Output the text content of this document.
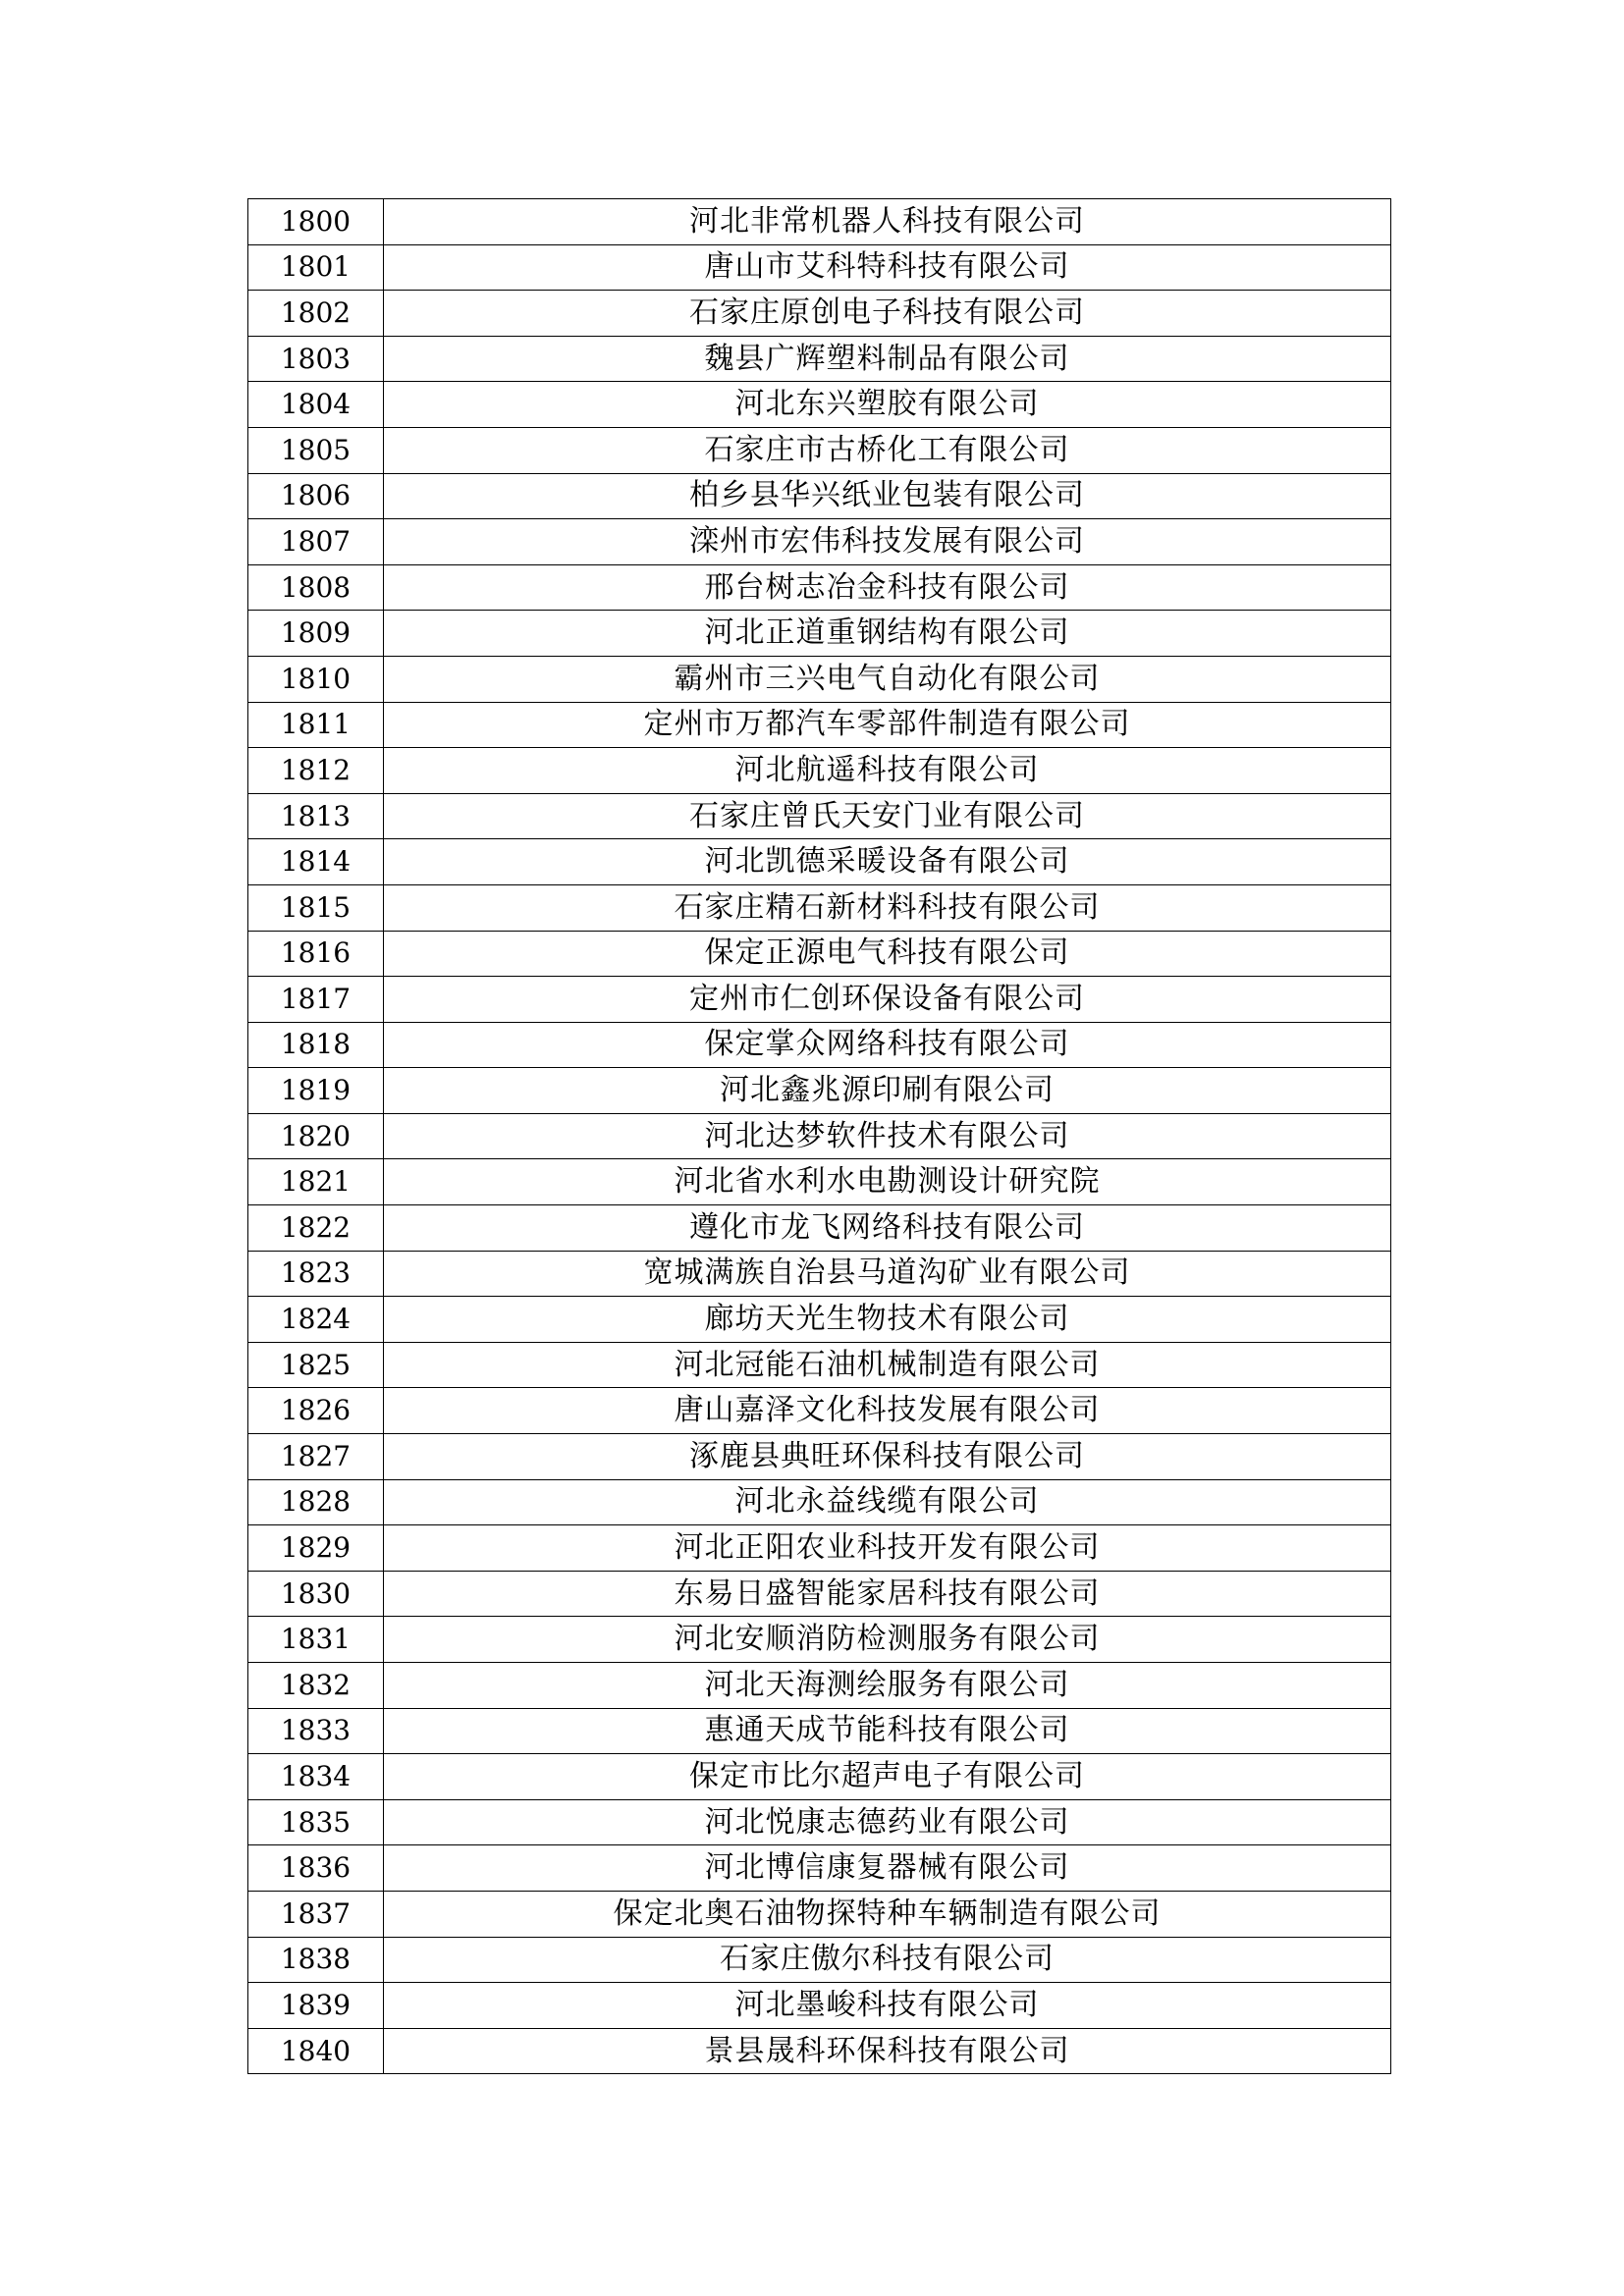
1800	河北非常机器人科技有限公司
1801	唐山市艾科特科技有限公司
1802	石家庄原创电子科技有限公司
1803	魏县广辉塑料制品有限公司
1804	河北东兴塑胶有限公司
1805	石家庄市古桥化工有限公司
1806	柏乡县华兴纸业包装有限公司
1807	滦州市宏伟科技发展有限公司
1808	邢台树志冶金科技有限公司
1809	河北正道重钢结构有限公司
1810	霸州市三兴电气自动化有限公司
1811	定州市万都汽车零部件制造有限公司
1812	河北航遥科技有限公司
1813	石家庄曾氏天安门业有限公司
1814	河北凯德采暖设备有限公司
1815	石家庄精石新材料科技有限公司
1816	保定正源电气科技有限公司
1817	定州市仁创环保设备有限公司
1818	保定掌众网络科技有限公司
1819	河北鑫兆源印刷有限公司
1820	河北达梦软件技术有限公司
1821	河北省水利水电勘测设计研究院
1822	遵化市龙飞网络科技有限公司
1823	宽城满族自治县马道沟矿业有限公司
1824	廊坊天光生物技术有限公司
1825	河北冠能石油机械制造有限公司
1826	唐山嘉泽文化科技发展有限公司
1827	涿鹿县典旺环保科技有限公司
1828	河北永益线缆有限公司
1829	河北正阳农业科技开发有限公司
1830	东易日盛智能家居科技有限公司
1831	河北安顺消防检测服务有限公司
1832	河北天海测绘服务有限公司
1833	惠通天成节能科技有限公司
1834	保定市比尔超声电子有限公司
1835	河北悦康志德药业有限公司
1836	河北博信康复器械有限公司
1837	保定北奥石油物探特种车辆制造有限公司
1838	石家庄傲尔科技有限公司
1839	河北墨峻科技有限公司
1840	景县晟科环保科技有限公司
